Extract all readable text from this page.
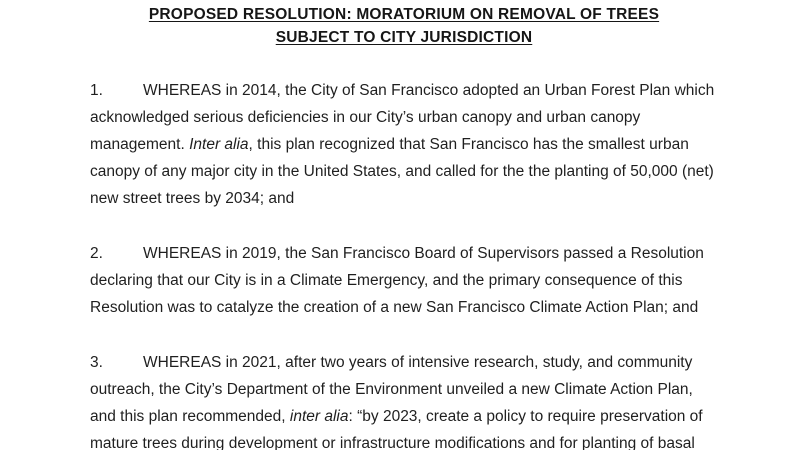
PROPOSED RESOLUTION: MORATORIUM ON REMOVAL OF TREES
SUBJECT TO CITY JURISDICTION

1.	WHEREAS in 2014, the City of San Francisco adopted an Urban Forest Plan which acknowledged serious deficiencies in our City’s urban canopy and urban canopy management. Inter alia, this plan recognized that San Francisco has the smallest urban canopy of any major city in the United States, and called for the the planting of 50,000 (net) new street trees by 2034; and

2.	WHEREAS in 2019, the San Francisco Board of Supervisors passed a Resolution declaring that our City is in a Climate Emergency, and the primary consequence of this Resolution was to catalyze the creation of a new San Francisco Climate Action Plan; and

3.	WHEREAS in 2021, after two years of intensive research, study, and community outreach, the City’s Department of the Environment unveiled a new Climate Action Plan, and this plan recommended, inter alia: “by 2023, create a policy to require preservation of mature trees during development or infrastructure modifications and for planting of basal
